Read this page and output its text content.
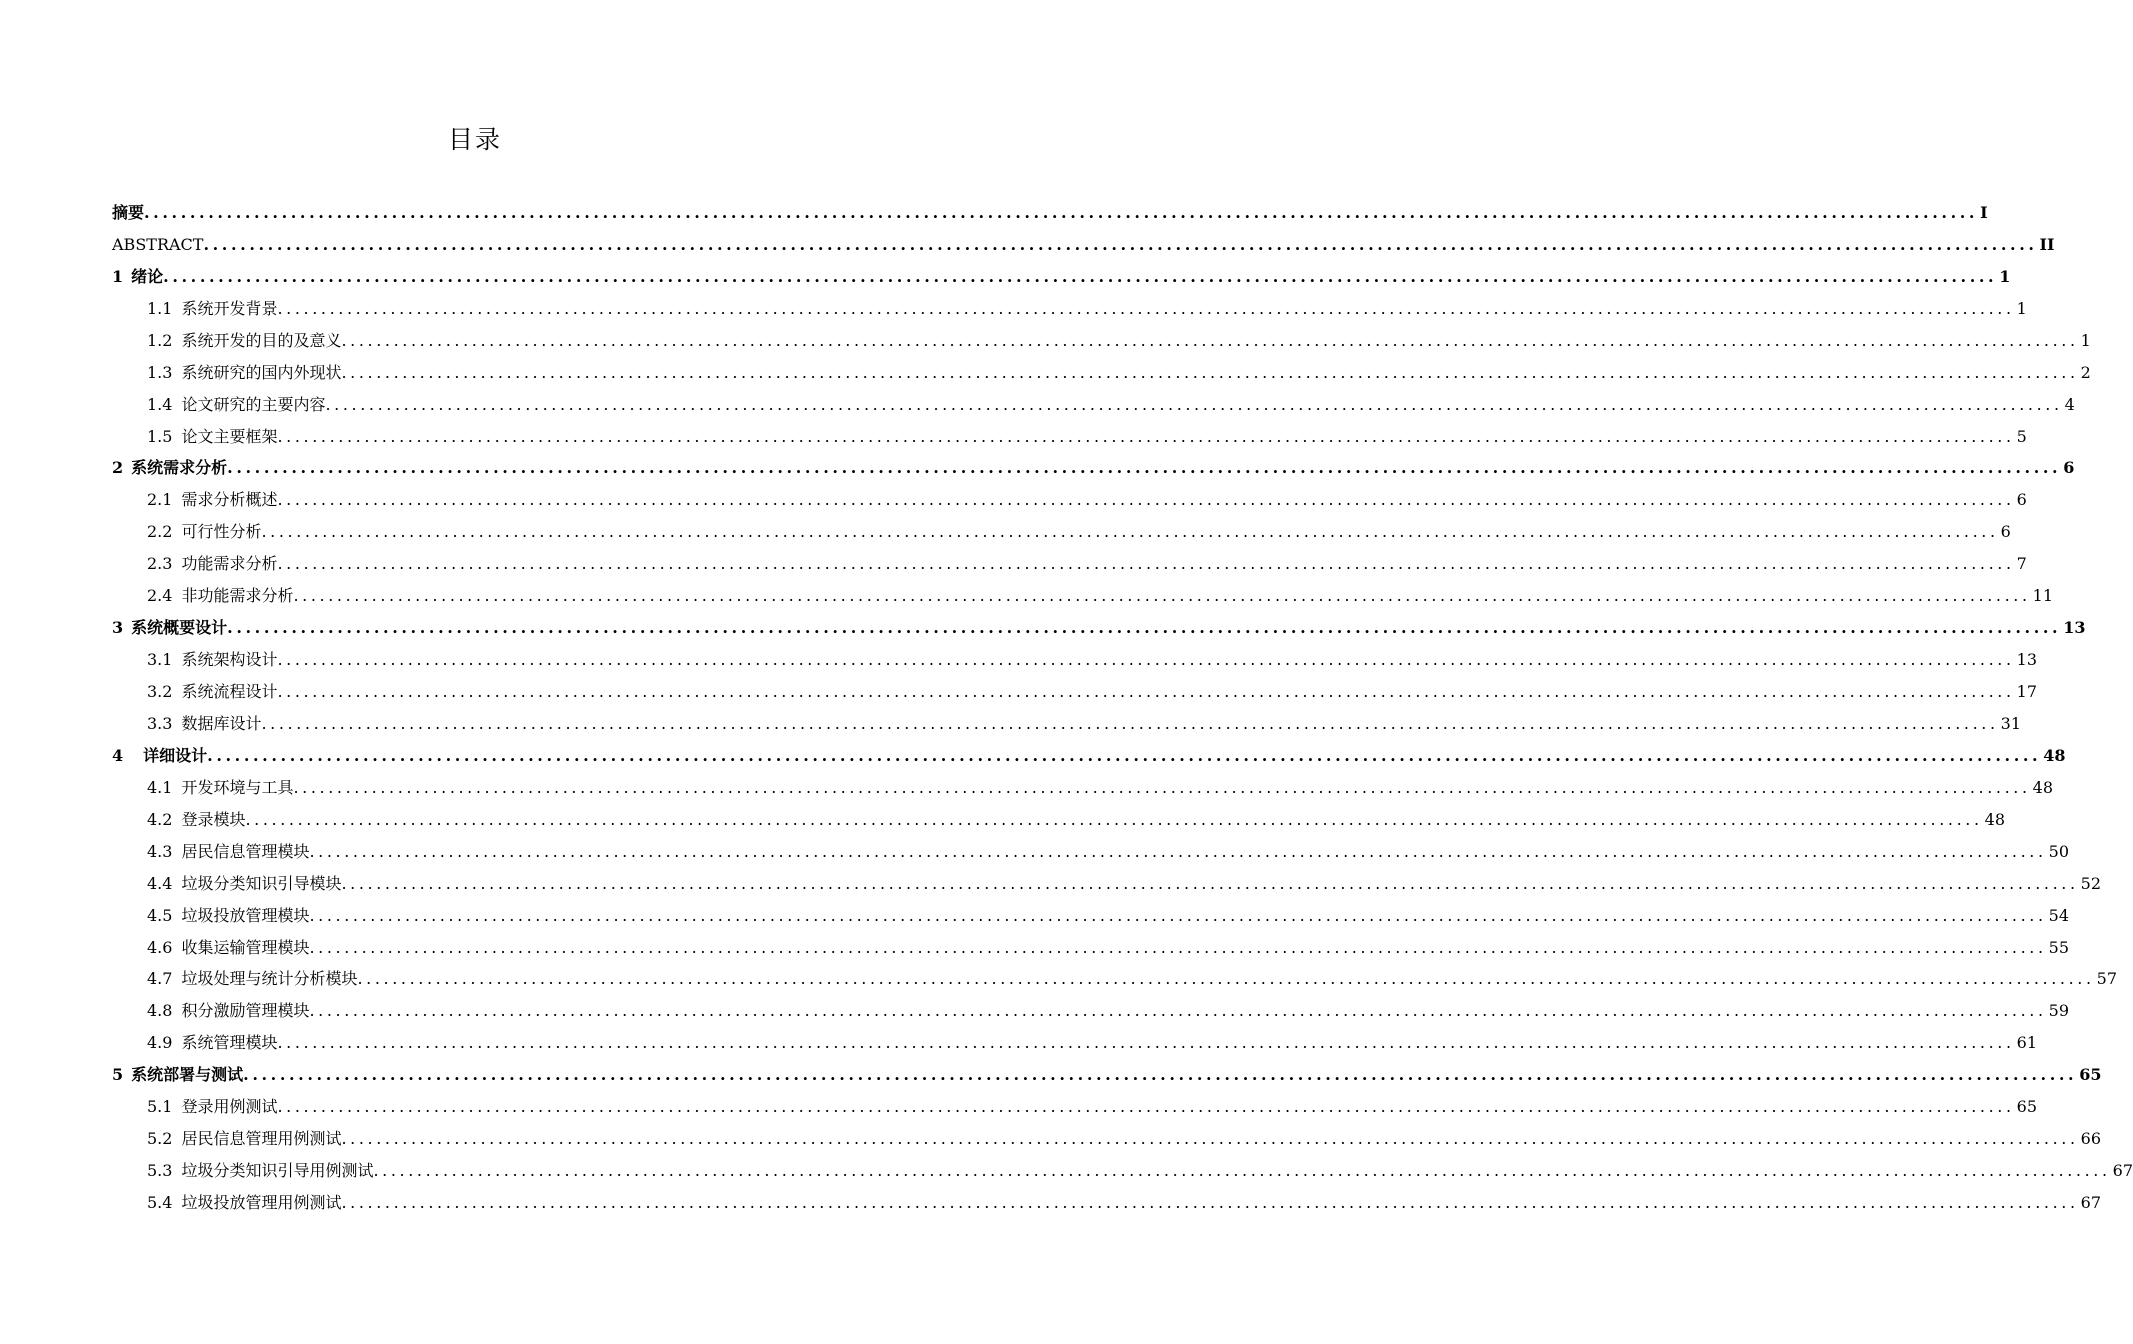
目录
摘要 ........................................................................................................................................................................................................ I
ABSTRACT ........................................................................................................................................................................................................ II
1 绪论 ........................................................................................................................................................................................................ 1
1.1 系统开发背景 ........................................................................................................................................................................................................ 1
1.2 系统开发的目的及意义 ........................................................................................................................................................................................................ 1
1.3 系统研究的国内外现状 ........................................................................................................................................................................................................ 2
1.4 论文研究的主要内容 ........................................................................................................................................................................................................ 4
1.5 论文主要框架 ........................................................................................................................................................................................................ 5
2 系统需求分析 ........................................................................................................................................................................................................ 6
2.1 需求分析概述 ........................................................................................................................................................................................................ 6
2.2 可行性分析 ........................................................................................................................................................................................................ 6
2.3 功能需求分析 ........................................................................................................................................................................................................ 7
2.4 非功能需求分析 ........................................................................................................................................................................................................ 11
3 系统概要设计 ........................................................................................................................................................................................................ 13
3.1 系统架构设计 ........................................................................................................................................................................................................ 13
3.2 系统流程设计 ........................................................................................................................................................................................................ 17
3.3 数据库设计 ........................................................................................................................................................................................................ 31
4 详细设计 ........................................................................................................................................................................................................ 48
4.1 开发环境与工具 ........................................................................................................................................................................................................ 48
4.2 登录模块 ........................................................................................................................................................................................................ 48
4.3 居民信息管理模块 ........................................................................................................................................................................................................ 50
4.4 垃圾分类知识引导模块 ........................................................................................................................................................................................................ 52
4.5 垃圾投放管理模块 ........................................................................................................................................................................................................ 54
4.6 收集运输管理模块 ........................................................................................................................................................................................................ 55
4.7 垃圾处理与统计分析模块 ........................................................................................................................................................................................................ 57
4.8 积分激励管理模块 ........................................................................................................................................................................................................ 59
4.9 系统管理模块 ........................................................................................................................................................................................................ 61
5 系统部署与测试 ........................................................................................................................................................................................................ 65
5.1 登录用例测试 ........................................................................................................................................................................................................ 65
5.2 居民信息管理用例测试 ........................................................................................................................................................................................................ 66
5.3 垃圾分类知识引导用例测试 ........................................................................................................................................................................................................ 67
5.4 垃圾投放管理用例测试 ........................................................................................................................................................................................................ 67
